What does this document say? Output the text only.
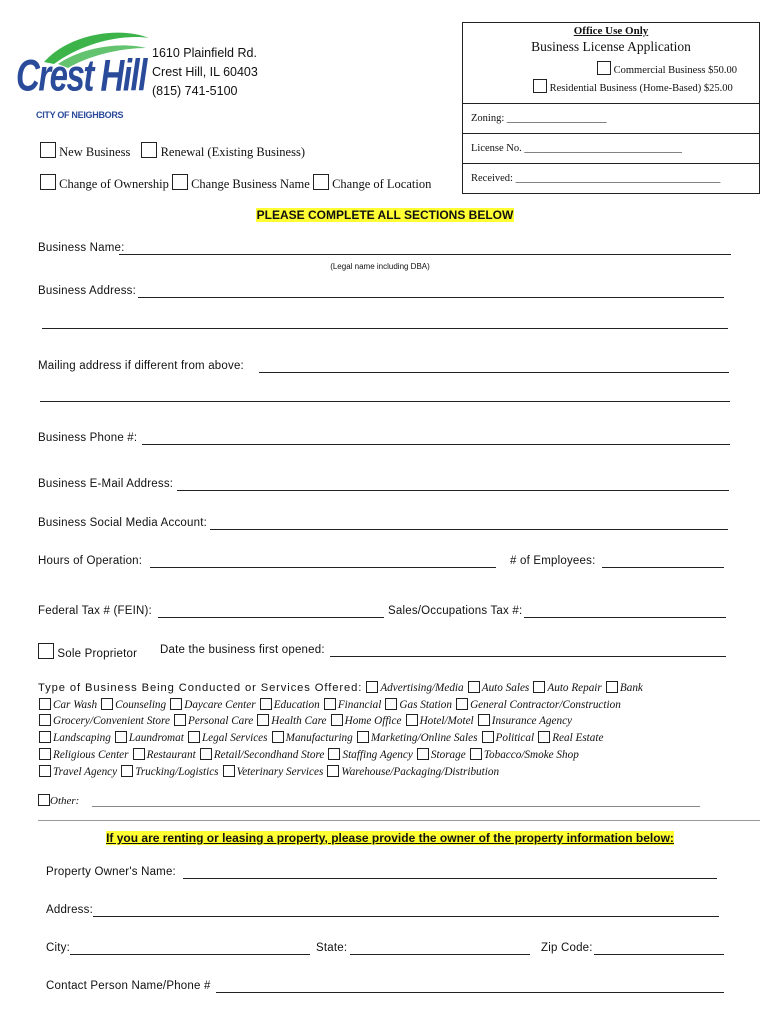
Crest Hill
CITY OF NEIGHBORS
1610 Plainfield Rd.
Crest Hill, IL 60403
(815) 741-5100
Office Use Only
Business License Application
Commercial Business $50.00
Residential Business (Home-Based) $25.00
Zoning: ___________________
License No. ______________________________
Received: _______________________________________
New Business Renewal (Existing Business)
Change of Ownership Change Business Name Change of Location
PLEASE COMPLETE ALL SECTIONS BELOW
Business Name:
(Legal name including DBA)
Business Address:
Mailing address if different from above:
Business Phone #:
Business E-Mail Address:
Business Social Media Account:
Hours of Operation:	# of Employees:
Federal Tax # (FEIN):	Sales/Occupations Tax #:
Sole Proprietor Date the business first opened:
Type of Business Being Conducted or Services Offered: Advertising/Media Auto Sales Auto Repair Bank
Car Wash Counseling Daycare Center Education Financial Gas Station General Contractor/Construction
Grocery/Convenient Store Personal Care Health Care Home Office Hotel/Motel Insurance Agency
Landscaping Laundromat Legal Services Manufacturing Marketing/Online Sales Political Real Estate
Religious Center Restaurant Retail/Secondhand Store Staffing Agency Storage Tobacco/Smoke Shop
Travel Agency Trucking/Logistics Veterinary Services Warehouse/Packaging/Distribution
Other:
If you are renting or leasing a property, please provide the owner of the property information below:
Property Owner's Name:
Address:
City:	State:	Zip Code:
Contact Person Name/Phone #
